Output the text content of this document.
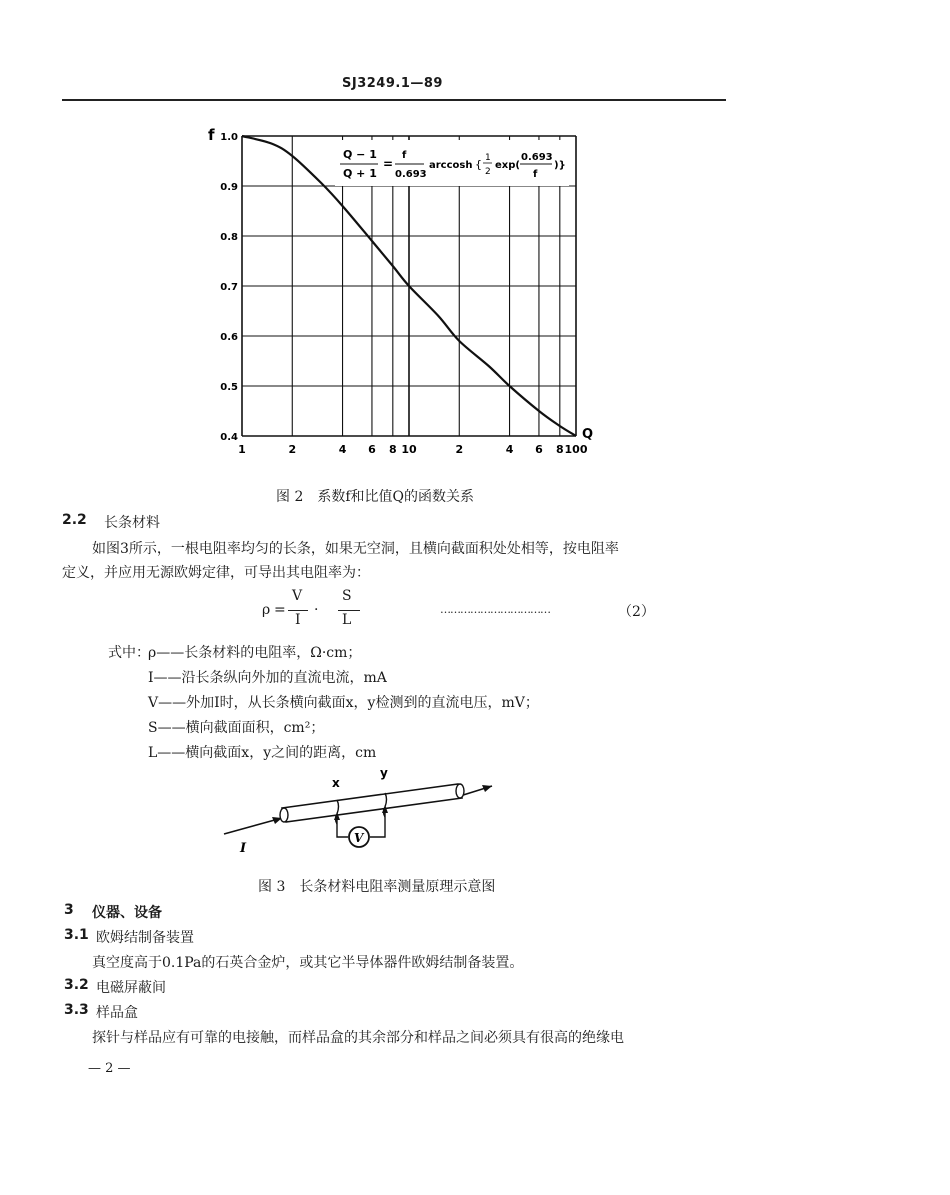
SJ3249.1—89
1	2	4 6 8 10	2	4 6 8 100
0.4
0.5
0.6
0.7
0.8
0.9
1.0
f
Q
Q − 1
Q + 1
=
f
0.693
arccosh { 1
2
exp(
0.693
f
)}
图 2　系数f和比值Q的函数关系
2.2 长条材料
如图3所示，一根电阻率均匀的长条，如果无空洞，且横向截面积处处相等，按电阻率
定义，并应用无源欧姆定律，可导出其电阻率为：
ρ =
V
I
·
S
L
……………………………	（2）
式中：
ρ——长条材料的电阻率，Ω·cm；
I——沿长条纵向外加的直流电流，mA
V——外加I时，从长条横向截面x，y检测到的直流电压，mV；
S——横向截面面积，cm²；
L——横向截面x，y之间的距离，cm
V
x
y
I
图 3　长条材料电阻率测量原理示意图
3 仪器、设备
3.1 欧姆结制备装置
真空度高于0.1Pa的石英合金炉，或其它半导体器件欧姆结制备装置。
3.2 电磁屏蔽间
3.3 样品盒
探针与样品应有可靠的电接触，而样品盒的其余部分和样品之间必须具有很高的绝缘电
— 2 —
